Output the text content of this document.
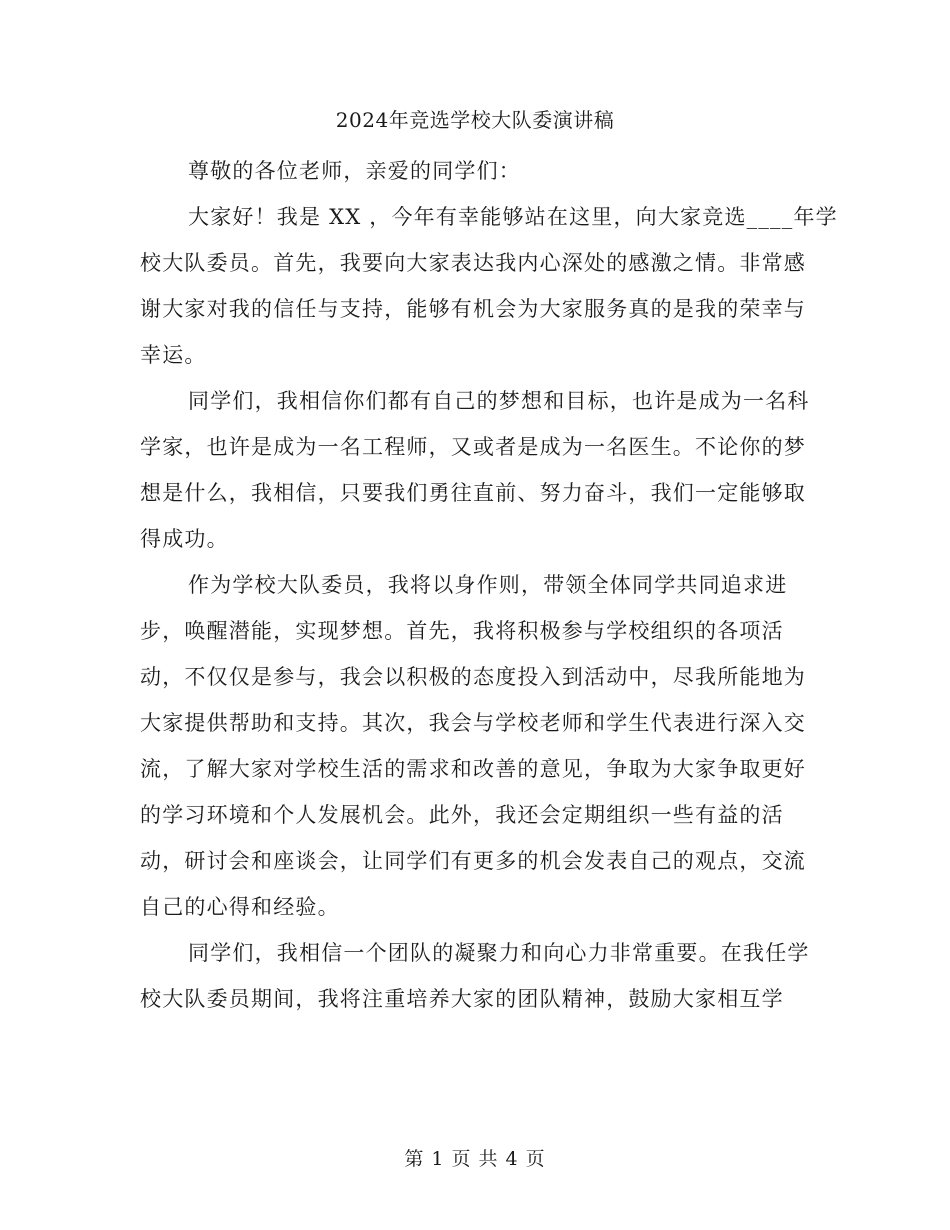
2024年竞选学校大队委演讲稿
尊敬的各位老师，亲爱的同学们：
大家好！我是 XX ，今年有幸能够站在这里，向大家竞选____年学
校大队委员。首先，我要向大家表达我内心深处的感激之情。非常感
谢大家对我的信任与支持，能够有机会为大家服务真的是我的荣幸与
幸运。
同学们，我相信你们都有自己的梦想和目标，也许是成为一名科
学家，也许是成为一名工程师，又或者是成为一名医生。不论你的梦
想是什么，我相信，只要我们勇往直前、努力奋斗，我们一定能够取
得成功。
作为学校大队委员，我将以身作则，带领全体同学共同追求进
步，唤醒潜能，实现梦想。首先，我将积极参与学校组织的各项活
动，不仅仅是参与，我会以积极的态度投入到活动中，尽我所能地为
大家提供帮助和支持。其次，我会与学校老师和学生代表进行深入交
流，了解大家对学校生活的需求和改善的意见，争取为大家争取更好
的学习环境和个人发展机会。此外，我还会定期组织一些有益的活
动，研讨会和座谈会，让同学们有更多的机会发表自己的观点，交流
自己的心得和经验。
同学们，我相信一个团队的凝聚力和向心力非常重要。在我任学
校大队委员期间，我将注重培养大家的团队精神，鼓励大家相互学
第 1 页 共 4 页
